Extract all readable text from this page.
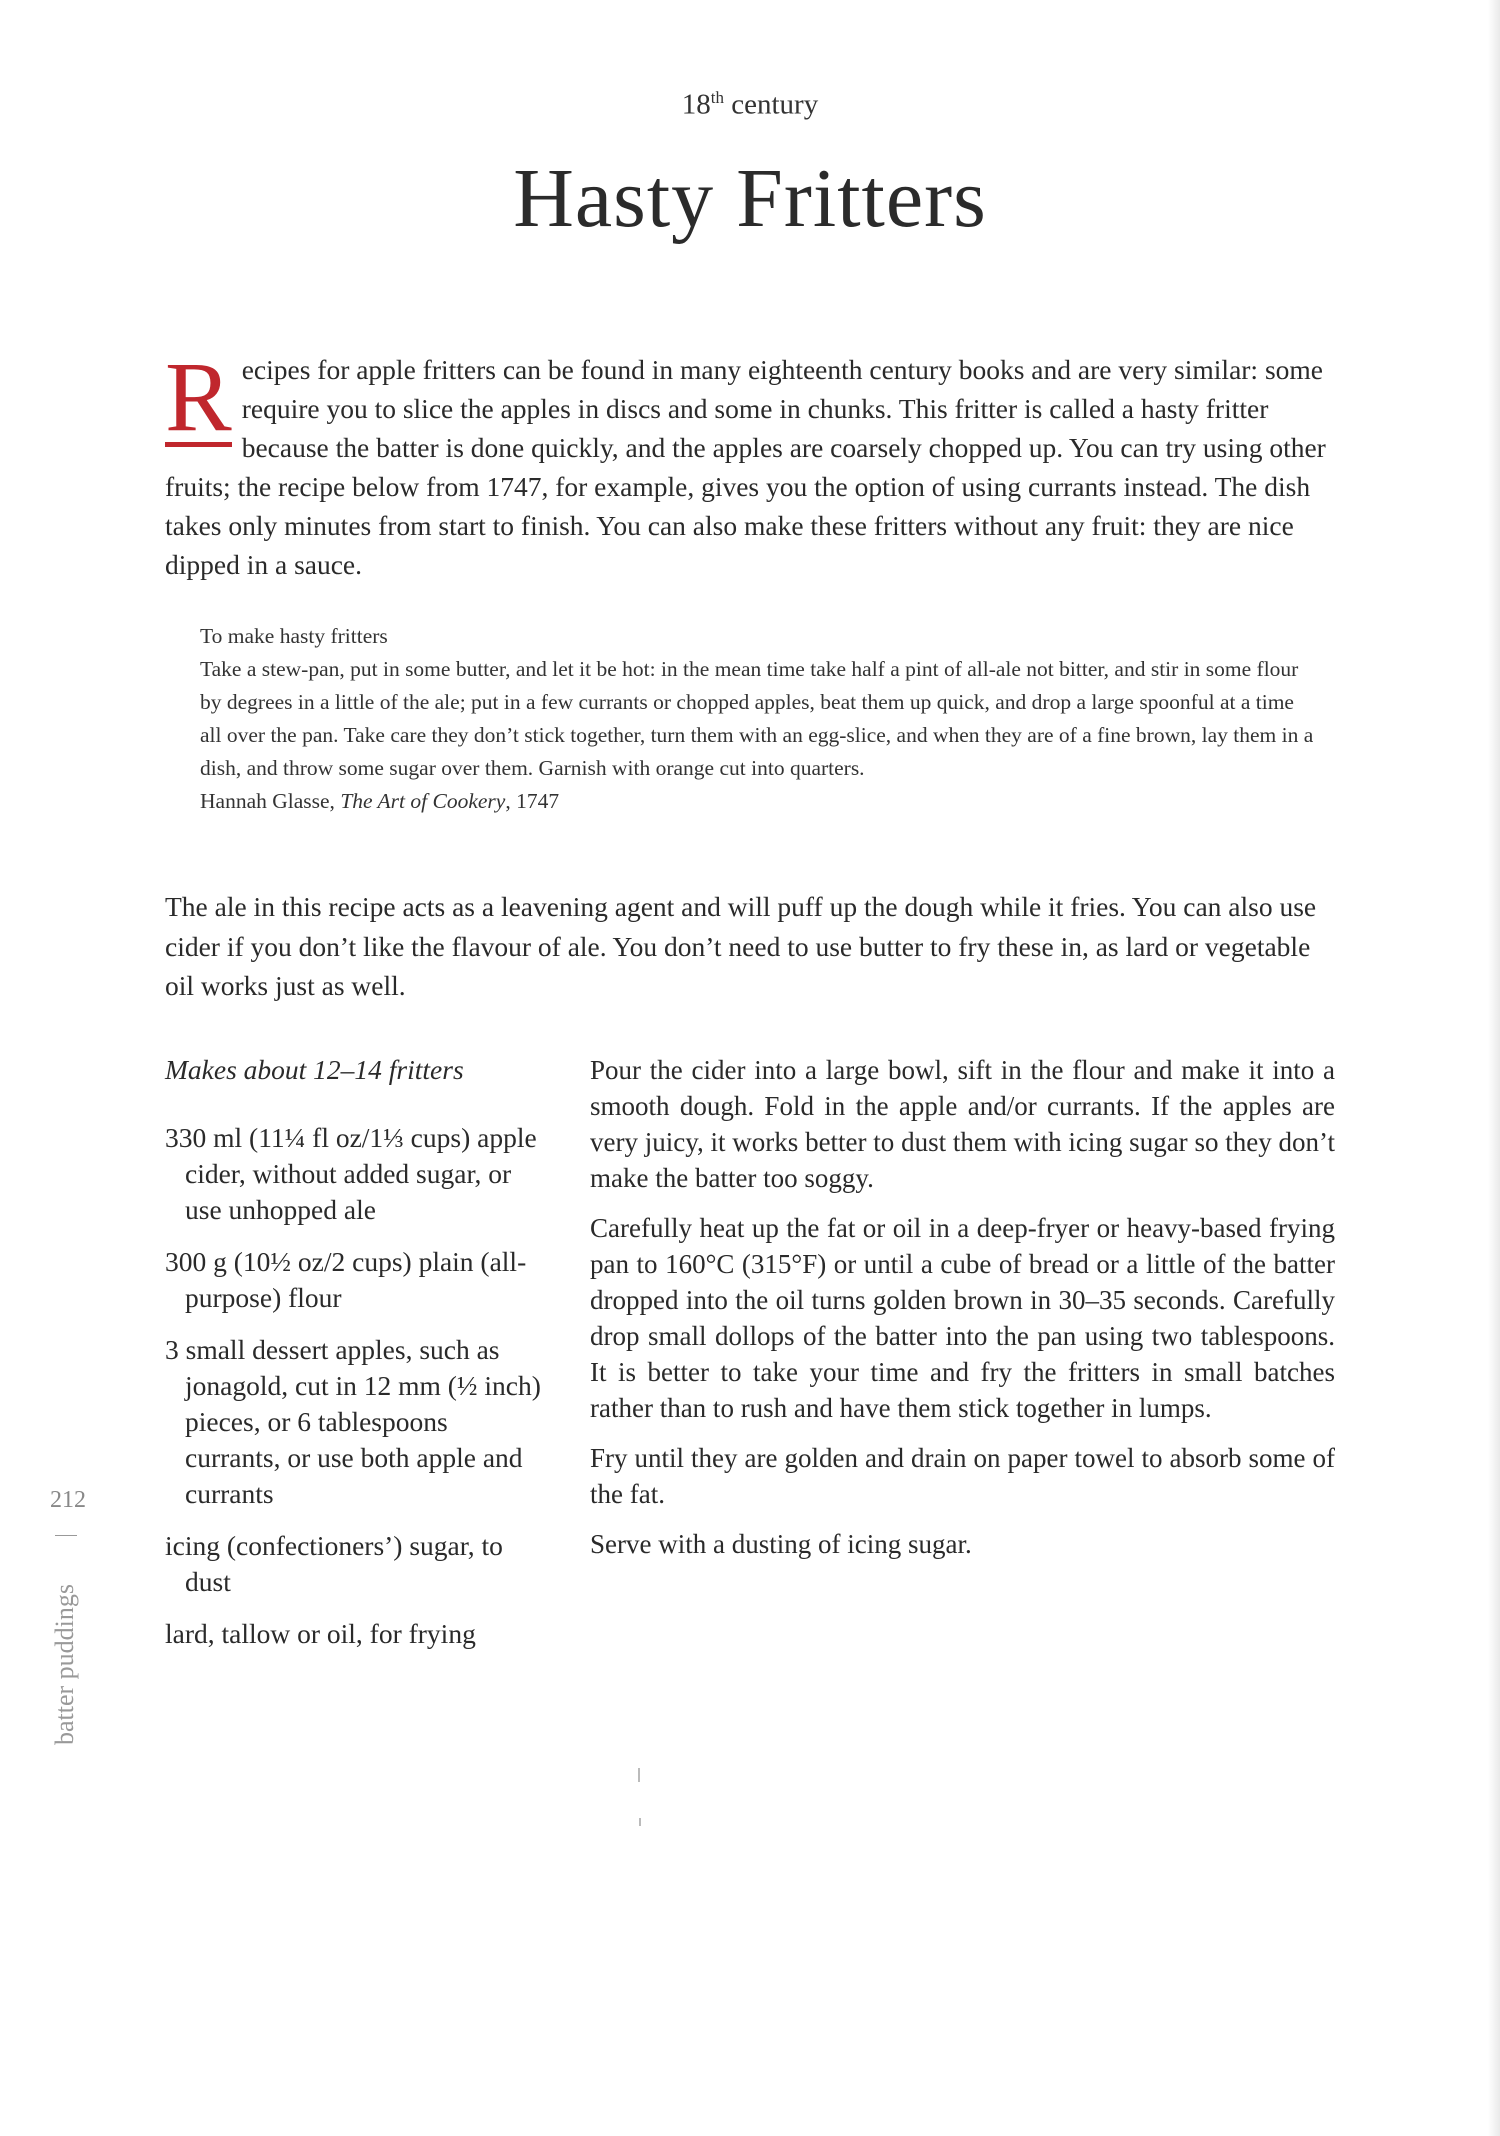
18th century
Hasty Fritters

R ecipes for apple fritters can be found in many eighteenth century books and are very similar: some require you to slice the apples in discs and some in chunks. This fritter is called a hasty fritter because the batter is done quickly, and the apples are coarsely chopped up. You can try using other fruits; the recipe below from 1747, for example, gives you the option of using currants instead. The dish takes only minutes from start to finish. You can also make these fritters without any fruit: they are nice dipped in a sauce.

To make hasty fritters

Take a stew-pan, put in some butter, and let it be hot: in the mean time take half a pint of all-ale not bitter, and stir in some flour by degrees in a little of the ale; put in a few currants or chopped apples, beat them up quick, and drop a large spoonful at a time all over the pan. Take care they don’t stick together, turn them with an egg-slice, and when they are of a fine brown, lay them in a dish, and throw some sugar over them. Garnish with orange cut into quarters.

Hannah Glasse, The Art of Cookery, 1747

The ale in this recipe acts as a leavening agent and will puff up the dough while it fries. You can also use cider if you don’t like the flavour of ale. You don’t need to use butter to fry these in, as lard or vegetable oil works just as well.

Makes about 12–14 fritters

330 ml (11¼ fl oz/1⅓ cups) apple cider, without added sugar, or use unhopped ale

300 g (10½ oz/2 cups) plain (all-purpose) flour

3 small dessert apples, such as jonagold, cut in 12 mm (½ inch) pieces, or 6 tablespoons currants, or use both apple and currants

icing (confectioners’) sugar, to dust

lard, tallow or oil, for frying

Pour the cider into a large bowl, sift in the flour and make it into a smooth dough. Fold in the apple and/or currants. If the apples are very juicy, it works better to dust them with icing sugar so they don’t make the batter too soggy.

Carefully heat up the fat or oil in a deep-fryer or heavy-based frying pan to 160°C (315°F) or until a cube of bread or a little of the batter dropped into the oil turns golden brown in 30–35 seconds. Carefully drop small dollops of the batter into the pan using two tablespoons. It is better to take your time and fry the fritters in small batches rather than to rush and have them stick together in lumps.

Fry until they are golden and drain on paper towel to absorb some of the fat.

Serve with a dusting of icing sugar.

212
batter puddings
